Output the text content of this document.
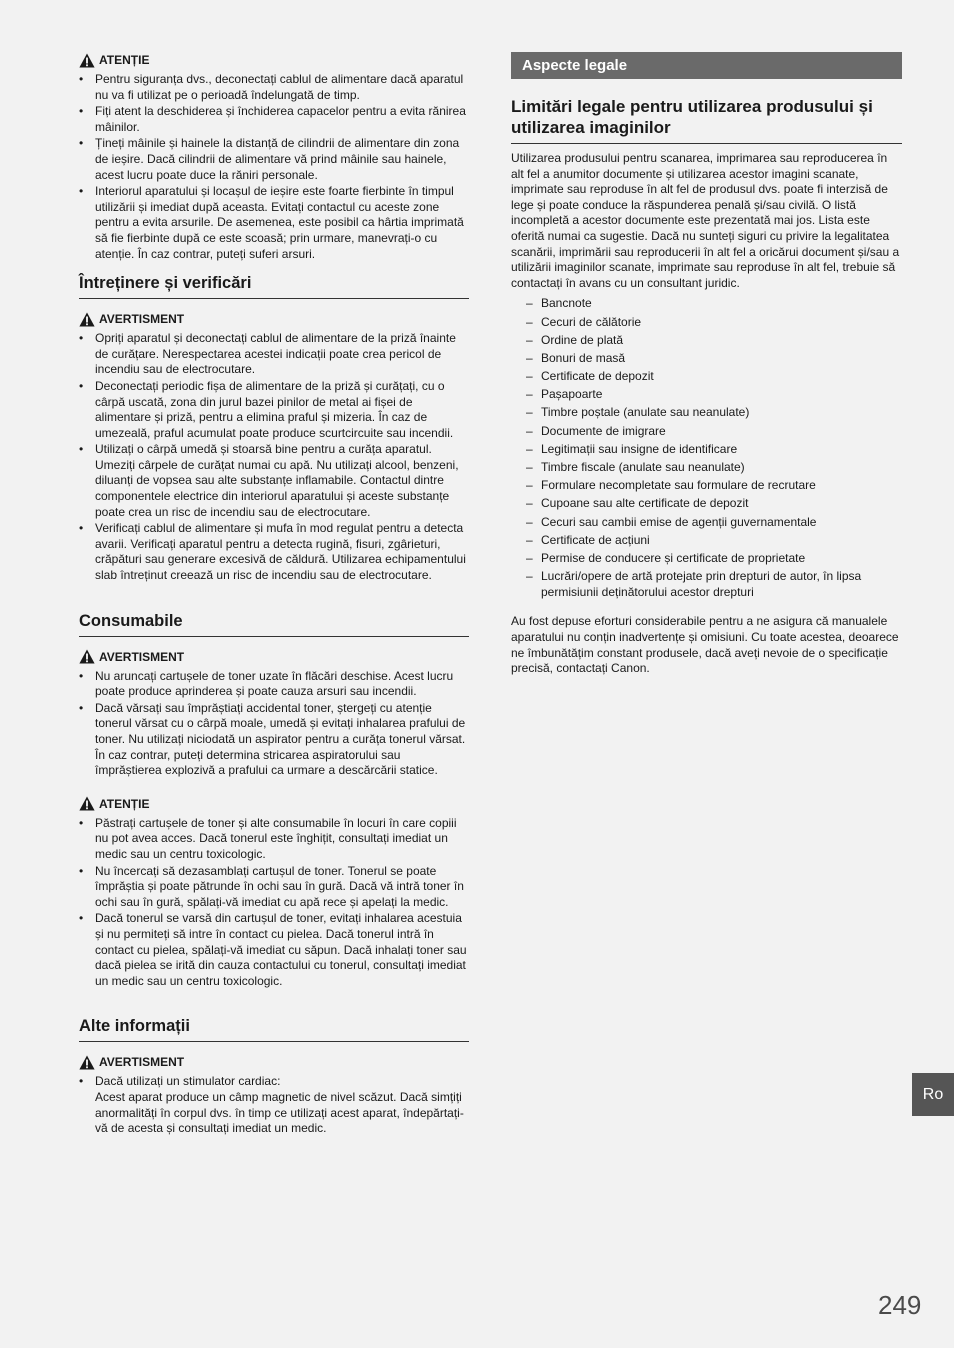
ATENȚIE
• Pentru siguranța dvs., deconectați cablul de alimentare dacă aparatul nu va fi utilizat pe o perioadă îndelungată de timp.
• Fiți atent la deschiderea și închiderea capacelor pentru a evita rănirea mâinilor.
• Țineți mâinile și hainele la distanță de cilindrii de alimentare din zona de ieșire. Dacă cilindrii de alimentare vă prind mâinile sau hainele, acest lucru poate duce la răniri personale.
• Interiorul aparatului și locașul de ieșire este foarte fierbinte în timpul utilizării și imediat după aceasta. Evitați contactul cu aceste zone pentru a evita arsurile. De asemenea, este posibil ca hârtia imprimată să fie fierbinte după ce este scoasă; prin urmare, manevrați-o cu atenție. În caz contrar, puteți suferi arsuri.
Întreținere și verificări
AVERTISMENT
• Opriți aparatul și deconectați cablul de alimentare de la priză înainte de curățare. Nerespectarea acestei indicații poate crea pericol de incendiu sau de electrocutare.
• Deconectați periodic fișa de alimentare de la priză și curățați, cu o cârpă uscată, zona din jurul bazei pinilor de metal ai fișei de alimentare și priză, pentru a elimina praful și mizeria. În caz de umezeală, praful acumulat poate produce scurtcircuite sau incendii.
• Utilizați o cârpă umedă și stoarsă bine pentru a curăța aparatul. Umeziți cârpele de curățat numai cu apă. Nu utilizați alcool, benzeni, diluanți de vopsea sau alte substanțe inflamabile. Contactul dintre componentele electrice din interiorul aparatului și aceste substanțe poate crea un risc de incendiu sau de electrocutare.
• Verificați cablul de alimentare și mufa în mod regulat pentru a detecta avarii. Verificați aparatul pentru a detecta rugină, fisuri, zgârieturi, crăpături sau generare excesivă de căldură. Utilizarea echipamentului slab întreținut creează un risc de incendiu sau de electrocutare.
Consumabile
AVERTISMENT
• Nu aruncați cartușele de toner uzate în flăcări deschise. Acest lucru poate produce aprinderea și poate cauza arsuri sau incendii.
• Dacă vărsați sau împrăștiați accidental toner, ștergeți cu atenție tonerul vărsat cu o cârpă moale, umedă și evitați inhalarea prafului de toner. Nu utilizați niciodată un aspirator pentru a curăța tonerul vărsat. În caz contrar, puteți determina stricarea aspiratorului sau împrăștierea explozivă a prafului ca urmare a descărcării statice.
ATENȚIE
• Păstrați cartușele de toner și alte consumabile în locuri în care copiii nu pot avea acces. Dacă tonerul este înghițit, consultați imediat un medic sau un centru toxicologic.
• Nu încercați să dezasamblați cartușul de toner. Tonerul se poate împrăștia și poate pătrunde în ochi sau în gură. Dacă vă intră toner în ochi sau în gură, spălați-vă imediat cu apă rece și apelați la medic.
• Dacă tonerul se varsă din cartușul de toner, evitați inhalarea acestuia și nu permiteți să intre în contact cu pielea. Dacă tonerul intră în contact cu pielea, spălați-vă imediat cu săpun. Dacă inhalați toner sau dacă pielea se irită din cauza contactului cu tonerul, consultați imediat un medic sau un centru toxicologic.
Alte informații
AVERTISMENT
• Dacă utilizați un stimulator cardiac:
Acest aparat produce un câmp magnetic de nivel scăzut. Dacă simțiți anormalități în corpul dvs. în timp ce utilizați acest aparat, îndepărtați-vă de acesta și consultați imediat un medic.
Aspecte legale
Limitări legale pentru utilizarea produsului și utilizarea imaginilor

Utilizarea produsului pentru scanarea, imprimarea sau reproducerea în alt fel a anumitor documente și utilizarea acestor imagini scanate, imprimate sau reproduse în alt fel de produsul dvs. poate fi interzisă de lege și poate conduce la răspunderea penală și/sau civilă. O listă incompletă a acestor documente este prezentată mai jos. Lista este oferită numai ca sugestie. Dacă nu sunteți siguri cu privire la legalitatea scanării, imprimării sau reproducerii în alt fel a oricărui document și/sau a utilizării imaginilor scanate, imprimate sau reproduse în alt fel, trebuie să contactați în avans cu un consultant juridic.

– Bancnote
– Cecuri de călătorie
– Ordine de plată
– Bonuri de masă
– Certificate de depozit
– Pașapoarte
– Timbre poștale (anulate sau neanulate)
– Documente de imigrare
– Legitimații sau insigne de identificare
– Timbre fiscale (anulate sau neanulate)
– Formulare necompletate sau formulare de recrutare
– Cupoane sau alte certificate de depozit
– Cecuri sau cambii emise de agenții guvernamentale
– Certificate de acțiuni
– Permise de conducere și certificate de proprietate
– Lucrări/opere de artă protejate prin drepturi de autor, în lipsa permisiunii deținătorului acestor drepturi

Au fost depuse eforturi considerabile pentru a ne asigura că manualele aparatului nu conțin inadvertențe și omisiuni. Cu toate acestea, deoarece ne îmbunătățim constant produsele, dacă aveți nevoie de o specificație precisă, contactați Canon.

Ro
249
